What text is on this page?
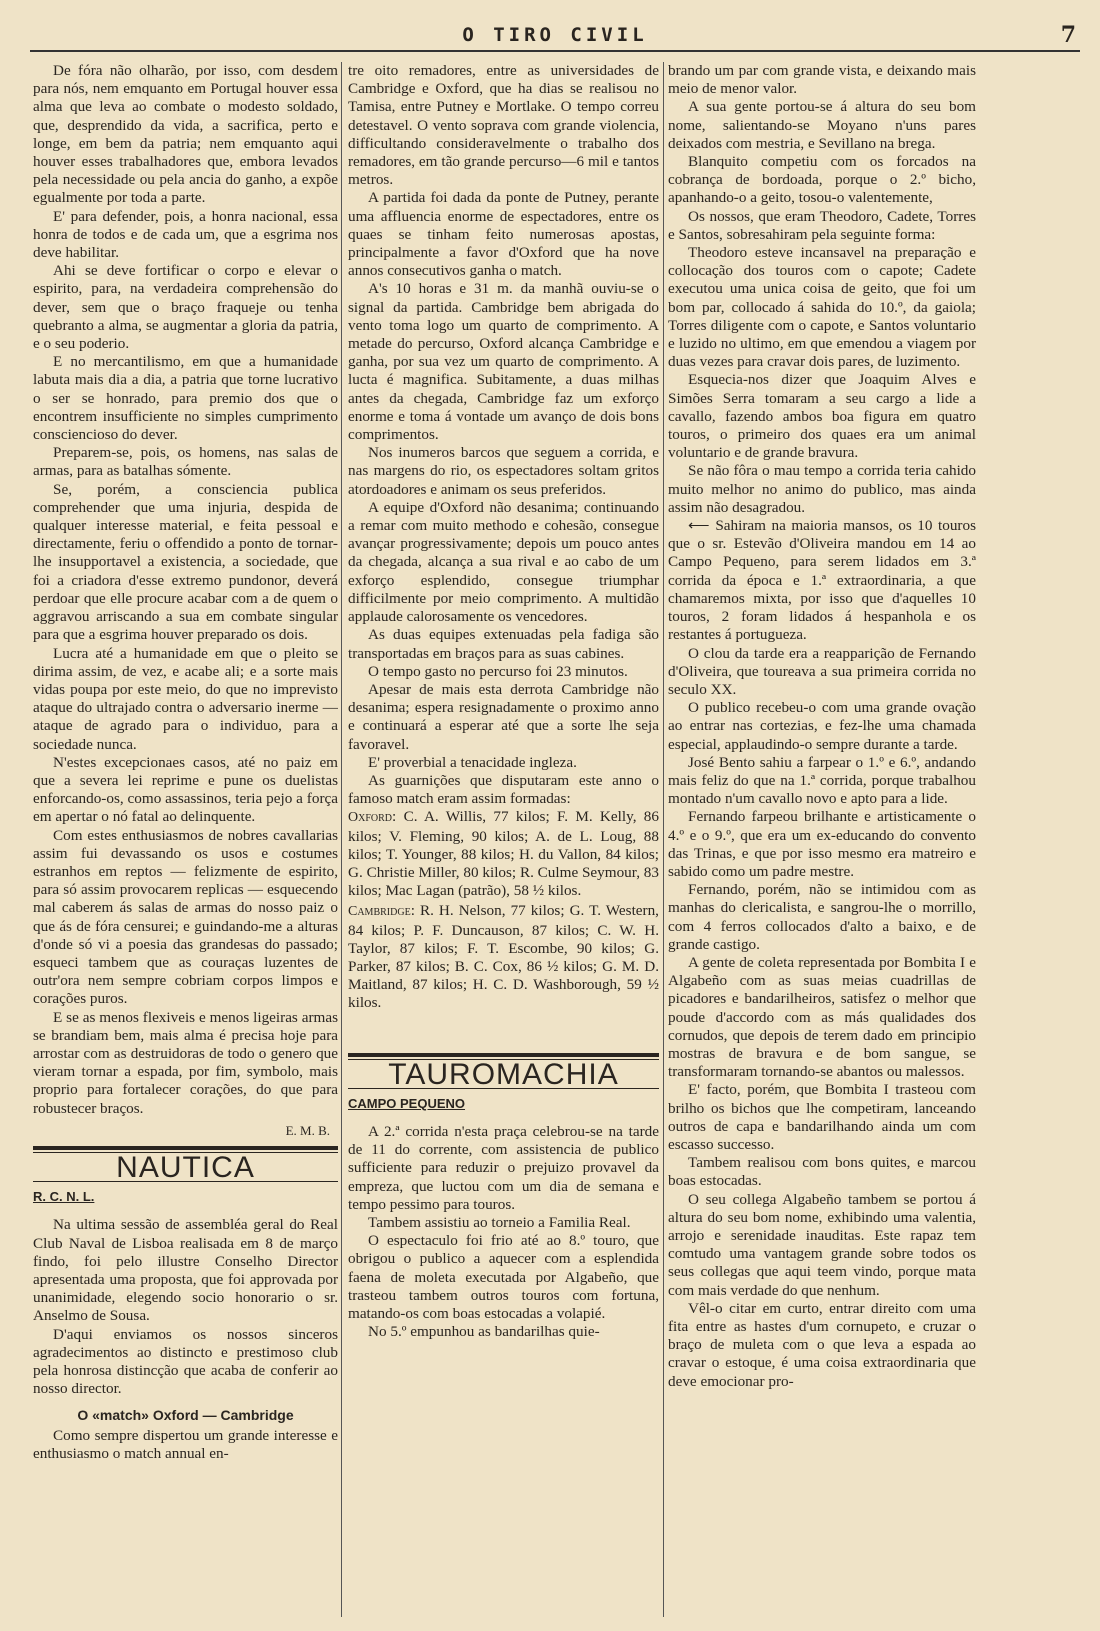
O TIRO CIVIL	7

De fóra não olharão, por isso, com desdem para nós, nem emquanto em Portugal houver essa alma que leva ao combate o modesto soldado, que, desprendido da vida, a sacrifica, perto e longe, em bem da patria; nem emquanto aqui houver esses trabalhadores que, embora levados pela necessidade ou pela ancia do ganho, a expõe egualmente por toda a parte.

E' para defender, pois, a honra nacional, essa honra de todos e de cada um, que a esgrima nos deve habilitar.

Ahi se deve fortificar o corpo e elevar o espirito, para, na verdadeira comprehensão do dever, sem que o braço fraqueje ou tenha quebranto a alma, se augmentar a gloria da patria, e o seu poderio.

E no mercantilismo, em que a humanidade labuta mais dia a dia, a patria que torne lucrativo o ser se honrado, para premio dos que o encontrem insufficiente no simples cumprimento consciencioso do dever.

Preparem-se, pois, os homens, nas salas de armas, para as batalhas sómente.

Se, porém, a consciencia publica comprehender que uma injuria, despida de qualquer interesse material, e feita pessoal e directamente, feriu o offendido a ponto de tornar-lhe insupportavel a existencia, a sociedade, que foi a criadora d'esse extremo pundonor, deverá perdoar que elle procure acabar com a de quem o aggravou arriscando a sua em combate singular para que a esgrima houver preparado os dois.

Lucra até a humanidade em que o pleito se dirima assim, de vez, e acabe ali; e a sorte mais vidas poupa por este meio, do que no imprevisto ataque do ultrajado contra o adversario inerme — ataque de agrado para o individuo, para a sociedade nunca.

N'estes excepcionaes casos, até no paiz em que a severa lei reprime e pune os duelistas enforcando-os, como assassinos, teria pejo a força em apertar o nó fatal ao delinquente.

Com estes enthusiasmos de nobres cavallarias assim fui devassando os usos e costumes estranhos em reptos — felizmente de espirito, para só assim provocarem replicas — esquecendo mal caberem ás salas de armas do nosso paiz o que ás de fóra censurei; e guindando-me a alturas d'onde só vi a poesia das grandesas do passado; esqueci tambem que as couraças luzentes de outr'ora nem sempre cobriam corpos limpos e corações puros.

E se as menos flexiveis e menos ligeiras armas se brandiam bem, mais alma é precisa hoje para arrostar com as destruidoras de todo o genero que vieram tornar a espada, por fim, symbolo, mais proprio para fortalecer corações, do que para robustecer braços.

E. M. B.
NAUTICA
R. C. N. L.

Na ultima sessão de assembléa geral do Real Club Naval de Lisboa realisada em 8 de março findo, foi pelo illustre Conselho Director apresentada uma proposta, que foi approvada por unanimidade, elegendo socio honorario o sr. Anselmo de Sousa.

D'aqui enviamos os nossos sinceros agradecimentos ao distincto e prestimoso club pela honrosa distincção que acaba de conferir ao nosso director.

O «match» Oxford — Cambridge

Como sempre dispertou um grande interesse e enthusiasmo o match annual en-

tre oito remadores, entre as universidades de Cambridge e Oxford, que ha dias se realisou no Tamisa, entre Putney e Mortlake. O tempo correu detestavel. O vento soprava com grande violencia, difficultando consideravelmente o trabalho dos remadores, em tão grande percurso—6 mil e tantos metros.

A partida foi dada da ponte de Putney, perante uma affluencia enorme de espectadores, entre os quaes se tinham feito numerosas apostas, principalmente a favor d'Oxford que ha nove annos consecutivos ganha o match.

A's 10 horas e 31 m. da manhã ouviu-se o signal da partida. Cambridge bem abrigada do vento toma logo um quarto de comprimento. A metade do percurso, Oxford alcança Cambridge e ganha, por sua vez um quarto de comprimento. A lucta é magnifica. Subitamente, a duas milhas antes da chegada, Cambridge faz um exforço enorme e toma á vontade um avanço de dois bons comprimentos.

Nos inumeros barcos que seguem a corrida, e nas margens do rio, os espectadores soltam gritos atordoadores e animam os seus preferidos.

A equipe d'Oxford não desanima; continuando a remar com muito methodo e cohesão, consegue avançar progressivamente; depois um pouco antes da chegada, alcança a sua rival e ao cabo de um exforço esplendido, consegue triumphar difficilmente por meio comprimento. A multidão applaude calorosamente os vencedores.

As duas equipes extenuadas pela fadiga são transportadas em braços para as suas cabines.

O tempo gasto no percurso foi 23 minutos.

Apesar de mais esta derrota Cambridge não desanima; espera resignadamente o proximo anno e continuará a esperar até que a sorte lhe seja favoravel.

E' proverbial a tenacidade ingleza.

As guarnições que disputaram este anno o famoso match eram assim formadas:

Oxford: C. A. Willis, 77 kilos; F. M. Kelly, 86 kilos; V. Fleming, 90 kilos; A. de L. Loug, 88 kilos; T. Younger, 88 kilos; H. du Vallon, 84 kilos; G. Christie Miller, 80 kilos; R. Culme Seymour, 83 kilos; Mac Lagan (patrão), 58 ½ kilos.

Cambridge: R. H. Nelson, 77 kilos; G. T. Western, 84 kilos; P. F. Duncauson, 87 kilos; C. W. H. Taylor, 87 kilos; F. T. Escombe, 90 kilos; G. Parker, 87 kilos; B. C. Cox, 86 ½ kilos; G. M. D. Maitland, 87 kilos; H. C. D. Washborough, 59 ½ kilos.

TAUROMACHIA
CAMPO PEQUENO

A 2.ª corrida n'esta praça celebrou-se na tarde de 11 do corrente, com assistencia de publico sufficiente para reduzir o prejuizo provavel da empreza, que luctou com um dia de semana e tempo pessimo para touros.

Tambem assistiu ao torneio a Familia Real.

O espectaculo foi frio até ao 8.º touro, que obrigou o publico a aquecer com a esplendida faena de moleta executada por Algabeño, que trasteou tambem outros touros com fortuna, matando-os com boas estocadas a volapié.

No 5.º empunhou as bandarilhas quie-

brando um par com grande vista, e deixando mais meio de menor valor.

A sua gente portou-se á altura do seu bom nome, salientando-se Moyano n'uns pares deixados com mestria, e Sevillano na brega.

Blanquito competiu com os forcados na cobrança de bordoada, porque o 2.º bicho, apanhando-o a geito, tosou-o valentemente,

Os nossos, que eram Theodoro, Cadete, Torres e Santos, sobresahiram pela seguinte forma:

Theodoro esteve incansavel na preparação e collocação dos touros com o capote; Cadete executou uma unica coisa de geito, que foi um bom par, collocado á sahida do 10.º, da gaiola; Torres diligente com o capote, e Santos voluntario e luzido no ultimo, em que emendou a viagem por duas vezes para cravar dois pares, de luzimento.

Esquecia-nos dizer que Joaquim Alves e Simões Serra tomaram a seu cargo a lide a cavallo, fazendo ambos boa figura em quatro touros, o primeiro dos quaes era um animal voluntario e de grande bravura.

Se não fôra o mau tempo a corrida teria cahido muito melhor no animo do publico, mas ainda assim não desagradou.

⟵ Sahiram na maioria mansos, os 10 touros que o sr. Estevão d'Oliveira mandou em 14 ao Campo Pequeno, para serem lidados em 3.ª corrida da época e 1.ª extraordinaria, a que chamaremos mixta, por isso que d'aquelles 10 touros, 2 foram lidados á hespanhola e os restantes á portugueza.

O clou da tarde era a reapparição de Fernando d'Oliveira, que toureava a sua primeira corrida no seculo XX.

O publico recebeu-o com uma grande ovação ao entrar nas cortezias, e fez-lhe uma chamada especial, applaudindo-o sempre durante a tarde.

José Bento sahiu a farpear o 1.º e 6.º, andando mais feliz do que na 1.ª corrida, porque trabalhou montado n'um cavallo novo e apto para a lide.

Fernando farpeou brilhante e artisticamente o 4.º e o 9.º, que era um ex-educando do convento das Trinas, e que por isso mesmo era matreiro e sabido como um padre mestre.

Fernando, porém, não se intimidou com as manhas do clericalista, e sangrou-lhe o morrillo, com 4 ferros collocados d'alto a baixo, e de grande castigo.

A gente de coleta representada por Bombita I e Algabeño com as suas meias cuadrillas de picadores e bandarilheiros, satisfez o melhor que poude d'accordo com as más qualidades dos cornudos, que depois de terem dado em principio mostras de bravura e de bom sangue, se transformaram tornando-se abantos ou malessos.

E' facto, porém, que Bombita I trasteou com brilho os bichos que lhe competiram, lanceando outros de capa e bandarilhando ainda um com escasso successo.

Tambem realisou com bons quites, e marcou boas estocadas.

O seu collega Algabeño tambem se portou á altura do seu bom nome, exhibindo uma valentia, arrojo e serenidade inauditas. Este rapaz tem comtudo uma vantagem grande sobre todos os seus collegas que aqui teem vindo, porque mata com mais verdade do que nenhum.

Vêl-o citar em curto, entrar direito com uma fita entre as hastes d'um cornupeto, e cruzar o braço de muleta com o que leva a espada ao cravar o estoque, é uma coisa extraordinaria que deve emocionar pro-
